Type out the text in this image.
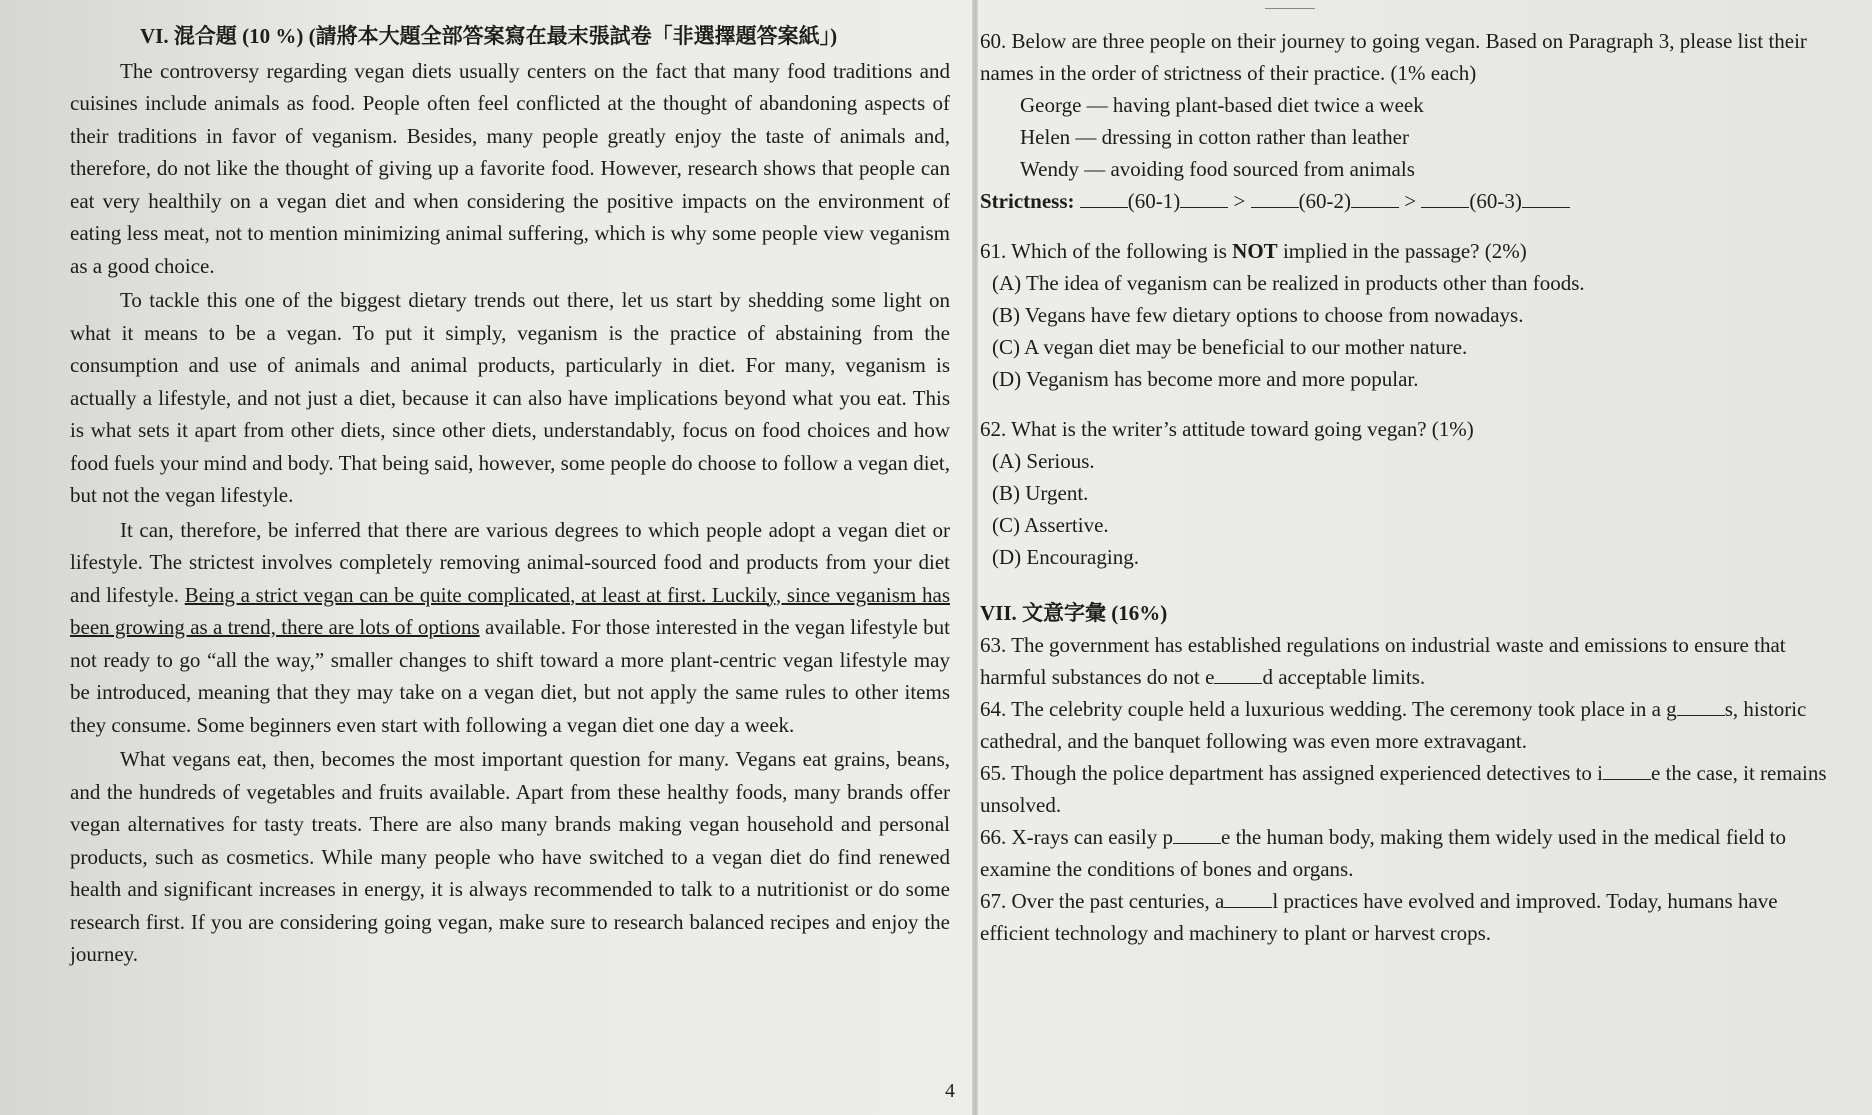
VI. 混合題 (10 %) (請將本大題全部答案寫在最末張試卷「非選擇題答案紙」)

The controversy regarding vegan diets usually centers on the fact that many food traditions and cuisines include animals as food. People often feel conflicted at the thought of abandoning aspects of their traditions in favor of veganism. Besides, many people greatly enjoy the taste of animals and, therefore, do not like the thought of giving up a favorite food. However, research shows that people can eat very healthily on a vegan diet and when considering the positive impacts on the environment of eating less meat, not to mention minimizing animal suffering, which is why some people view veganism as a good choice.

To tackle this one of the biggest dietary trends out there, let us start by shedding some light on what it means to be a vegan. To put it simply, veganism is the practice of abstaining from the consumption and use of animals and animal products, particularly in diet. For many, veganism is actually a lifestyle, and not just a diet, because it can also have implications beyond what you eat. This is what sets it apart from other diets, since other diets, understandably, focus on food choices and how food fuels your mind and body. That being said, however, some people do choose to follow a vegan diet, but not the vegan lifestyle.

It can, therefore, be inferred that there are various degrees to which people adopt a vegan diet or lifestyle. The strictest involves completely removing animal-sourced food and products from your diet and lifestyle. Being a strict vegan can be quite complicated, at least at first. Luckily, since veganism has been growing as a trend, there are lots of options available. For those interested in the vegan lifestyle but not ready to go “all the way,” smaller changes to shift toward a more plant-centric vegan lifestyle may be introduced, meaning that they may take on a vegan diet, but not apply the same rules to other items they consume. Some beginners even start with following a vegan diet one day a week.

What vegans eat, then, becomes the most important question for many. Vegans eat grains, beans, and the hundreds of vegetables and fruits available. Apart from these healthy foods, many brands offer vegan alternatives for tasty treats. There are also many brands making vegan household and personal products, such as cosmetics. While many people who have switched to a vegan diet do find renewed health and significant increases in energy, it is always recommended to talk to a nutritionist or do some research first. If you are considering going vegan, make sure to research balanced recipes and enjoy the journey.

60. Below are three people on their journey to going vegan. Based on Paragraph 3, please list their names in the order of strictness of their practice. (1% each)

George — having plant-based diet twice a week

Helen — dressing in cotton rather than leather

Wendy — avoiding food sourced from animals

Strictness:	(60-1)	>	(60-2)	>	(60-3)

61. Which of the following is NOT implied in the passage? (2%)

(A) The idea of veganism can be realized in products other than foods.

(B) Vegans have few dietary options to choose from nowadays.

(C) A vegan diet may be beneficial to our mother nature.

(D) Veganism has become more and more popular.

62. What is the writer’s attitude toward going vegan? (1%)

(A) Serious.

(B) Urgent.

(C) Assertive.

(D) Encouraging.

VII. 文意字彙 (16%)

63. The government has established regulations on industrial waste and emissions to ensure that harmful substances do not e d acceptable limits.

64. The celebrity couple held a luxurious wedding. The ceremony took place in a g s, historic cathedral, and the banquet following was even more extravagant.

65. Though the police department has assigned experienced detectives to i e the case, it remains unsolved.

66. X-rays can easily p e the human body, making them widely used in the medical field to examine the conditions of bones and organs.

67. Over the past centuries, a l practices have evolved and improved. Today, humans have efficient technology and machinery to plant or harvest crops.

4
